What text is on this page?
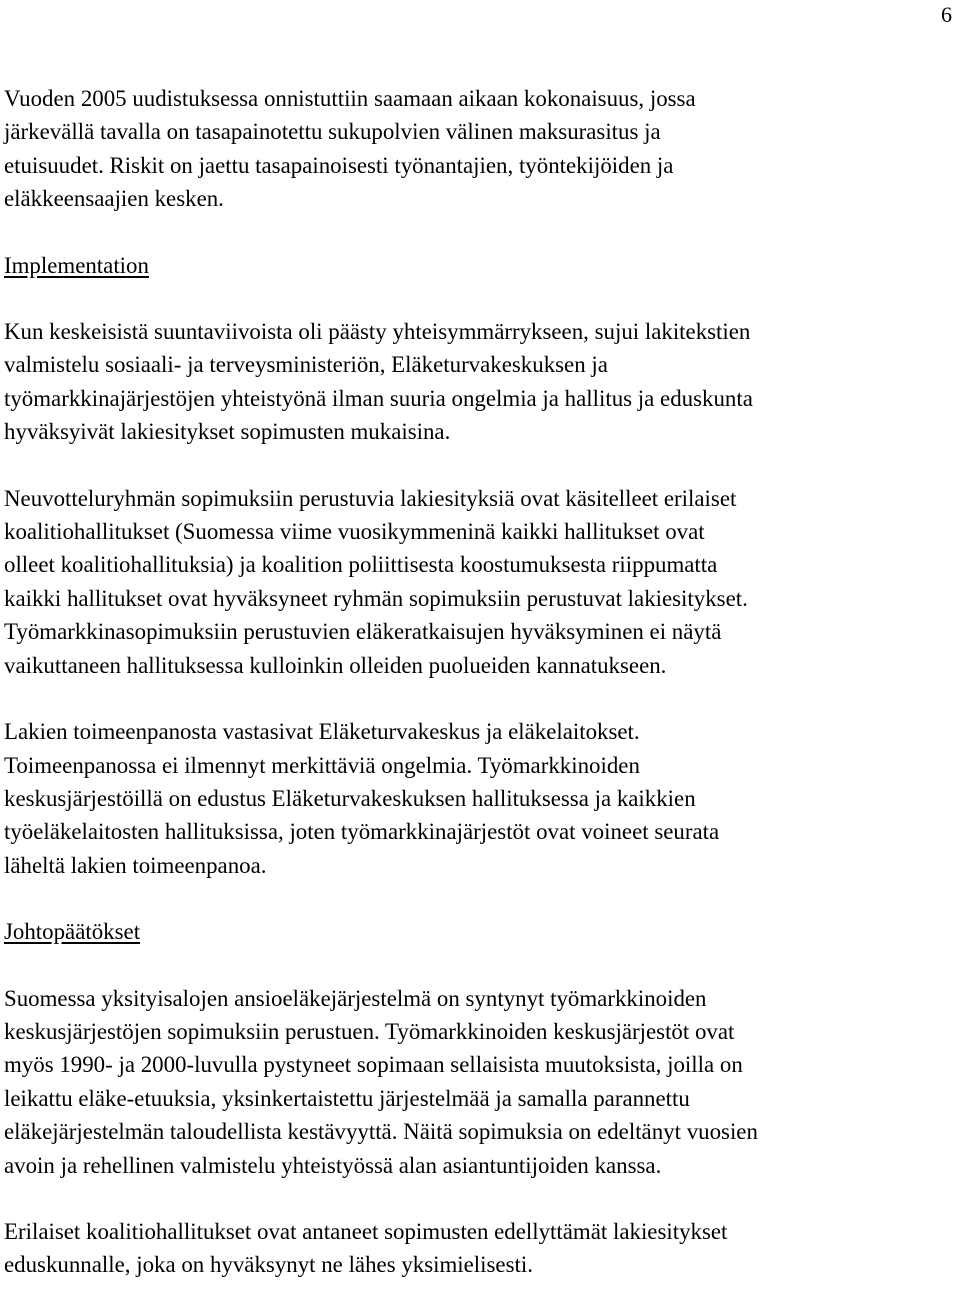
6

Vuoden 2005 uudistuksessa onnistuttiin saamaan aikaan kokonaisuus, jossa
järkevällä tavalla on tasapainotettu sukupolvien välinen maksurasitus ja
etuisuudet. Riskit on jaettu tasapainoisesti työnantajien, työntekijöiden ja
eläkkeensaajien kesken.

Implementation

Kun keskeisistä suuntaviivoista oli päästy yhteisymmärrykseen, sujui lakitekstien
valmistelu sosiaali- ja terveysministeriön, Eläketurvakeskuksen ja
työmarkkinajärjestöjen yhteistyönä ilman suuria ongelmia ja hallitus ja eduskunta
hyväksyivät lakiesitykset sopimusten mukaisina.

Neuvotteluryhmän sopimuksiin perustuvia lakiesityksiä ovat käsitelleet erilaiset
koalitiohallitukset (Suomessa viime vuosikymmeninä kaikki hallitukset ovat
olleet koalitiohallituksia) ja koalition poliittisesta koostumuksesta riippumatta
kaikki hallitukset ovat hyväksyneet ryhmän sopimuksiin perustuvat lakiesitykset.
Työmarkkinasopimuksiin perustuvien eläkeratkaisujen hyväksyminen ei näytä
vaikuttaneen hallituksessa kulloinkin olleiden puolueiden kannatukseen.

Lakien toimeenpanosta vastasivat Eläketurvakeskus ja eläkelaitokset.
Toimeenpanossa ei ilmennyt merkittäviä ongelmia. Työmarkkinoiden
keskusjärjestöillä on edustus Eläketurvakeskuksen hallituksessa ja kaikkien
työeläkelaitosten hallituksissa, joten työmarkkinajärjestöt ovat voineet seurata
läheltä lakien toimeenpanoa.

Johtopäätökset

Suomessa yksityisalojen ansioeläkejärjestelmä on syntynyt työmarkkinoiden
keskusjärjestöjen sopimuksiin perustuen. Työmarkkinoiden keskusjärjestöt ovat
myös 1990- ja 2000-luvulla pystyneet sopimaan sellaisista muutoksista, joilla on
leikattu eläke-etuuksia, yksinkertaistettu järjestelmää ja samalla parannettu
eläkejärjestelmän taloudellista kestävyyttä. Näitä sopimuksia on edeltänyt vuosien
avoin ja rehellinen valmistelu yhteistyössä alan asiantuntijoiden kanssa.

Erilaiset koalitiohallitukset ovat antaneet sopimusten edellyttämät lakiesitykset
eduskunnalle, joka on hyväksynyt ne lähes yksimielisesti.
